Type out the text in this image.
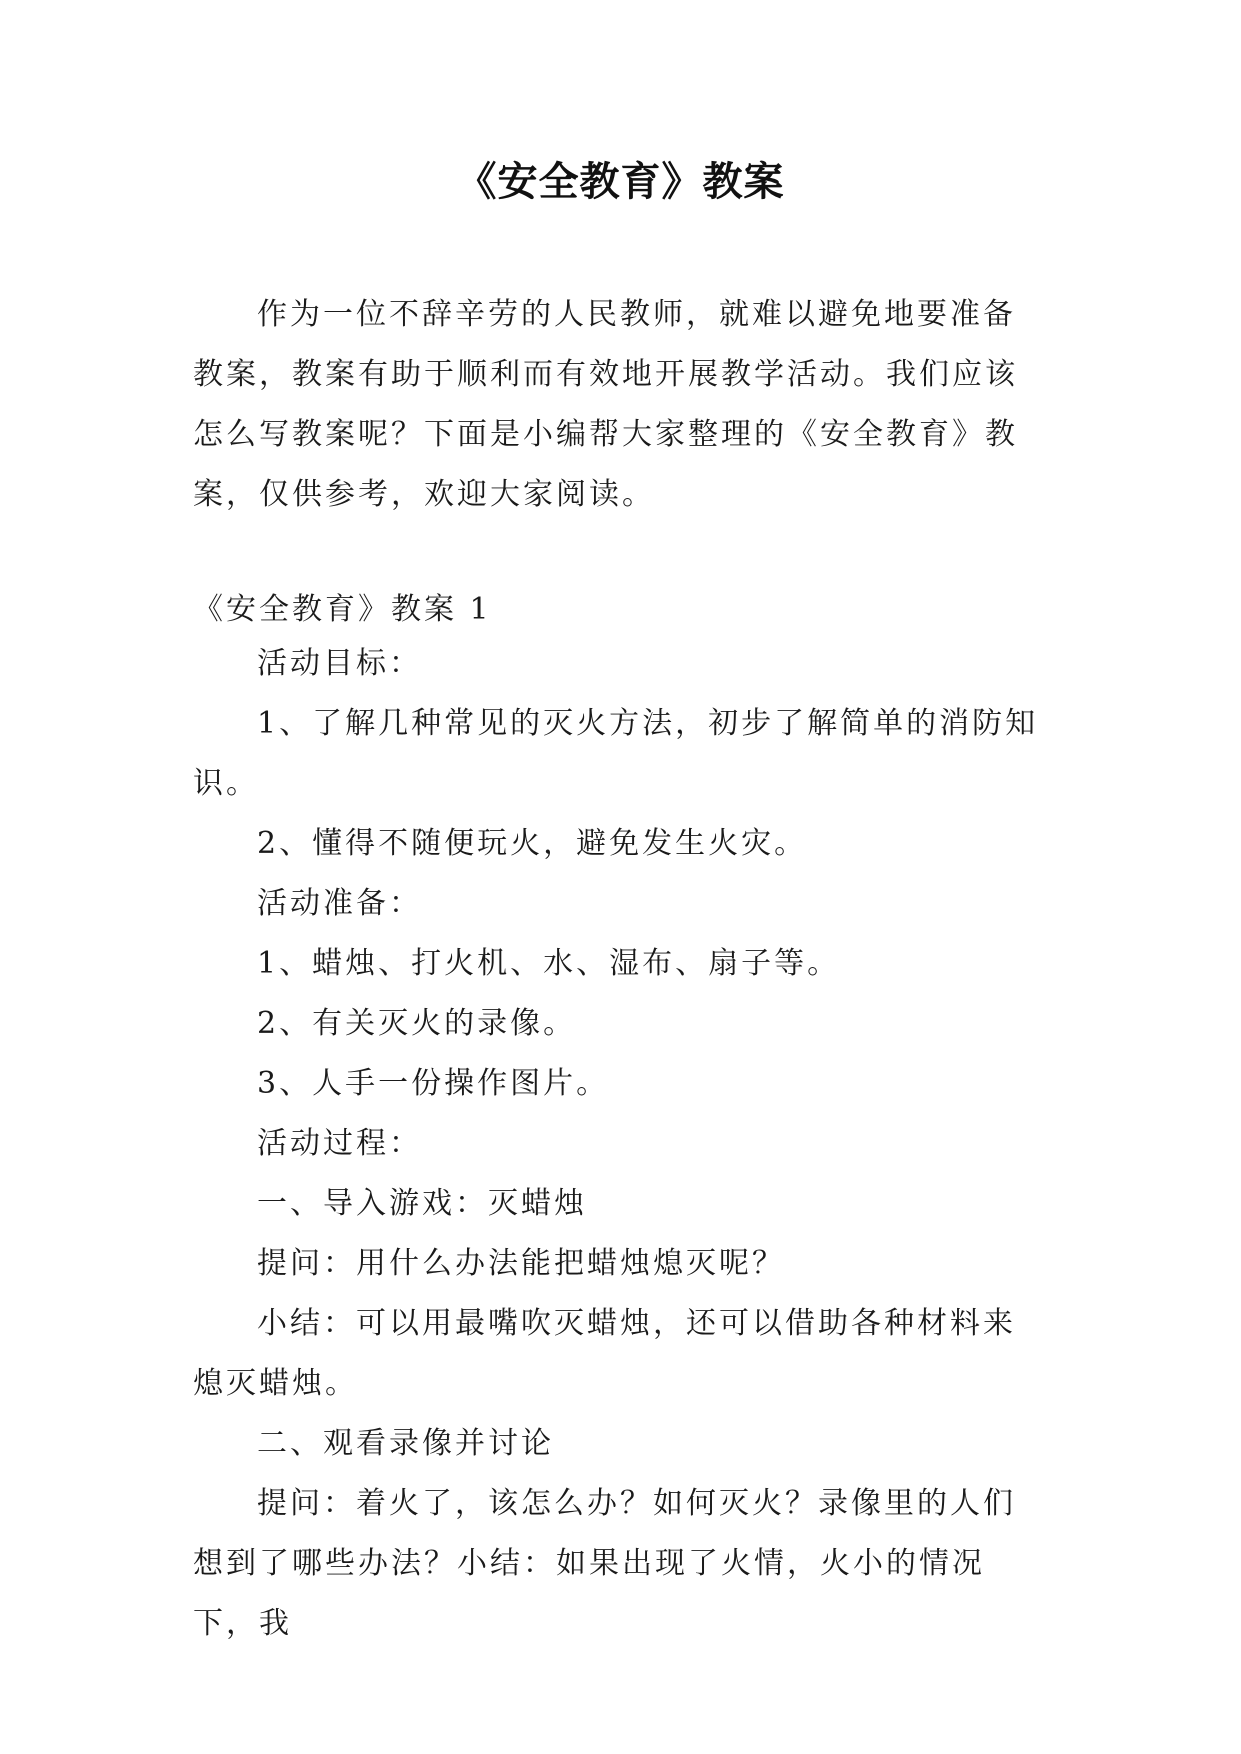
《安全教育》教案
作为一位不辞辛劳的人民教师，就难以避免地要准备教案，教案有助于顺利而有效地开展教学活动。我们应该怎么写教案呢？下面是小编帮大家整理的《安全教育》教案，仅供参考，欢迎大家阅读。
《安全教育》教案 1

活动目标：

1、了解几种常见的灭火方法，初步了解简单的消防知识。

2、懂得不随便玩火，避免发生火灾。

活动准备：

1、蜡烛、打火机、水、湿布、扇子等。

2、有关灭火的录像。

3、人手一份操作图片。

活动过程：

一、导入游戏：灭蜡烛

提问：用什么办法能把蜡烛熄灭呢？

小结：可以用最嘴吹灭蜡烛，还可以借助各种材料来熄灭蜡烛。

二、观看录像并讨论

提问：着火了，该怎么办？如何灭火？录像里的人们想到了哪些办法？小结：如果出现了火情，火小的情况下，我
